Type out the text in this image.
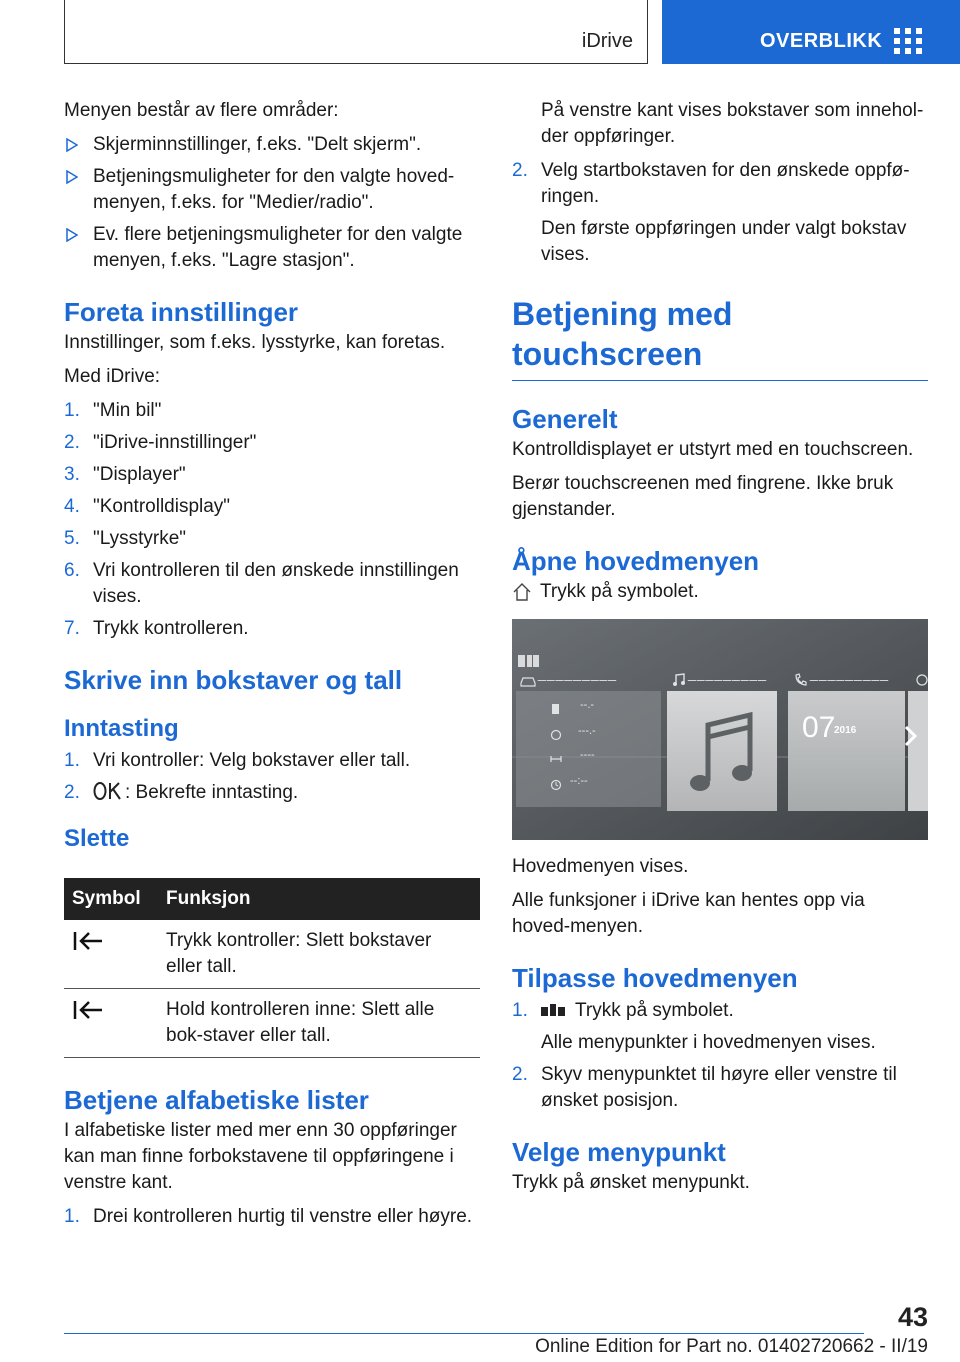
iDrive	OVERBLIKK

Menyen består av flere områder:

Skjerminnstillinger, f.eks. "Delt skjerm".
Betjeningsmuligheter for den valgte hoved-menyen, f.eks. for "Medier/radio".
Ev. flere betjeningsmuligheter for den valgte menyen, f.eks. "Lagre stasjon".
Foreta innstillinger

Innstillinger, som f.eks. lysstyrke, kan foretas.

Med iDrive:

1. "Min bil"
2. "iDrive-innstillinger"
3. "Displayer"
4. "Kontrolldisplay"
5. "Lysstyrke"
6. Vri kontrolleren til den ønskede innstillingen vises.
7. Trykk kontrolleren.
Skrive inn bokstaver og tall
Inntasting
1. Vri kontroller: Velg bokstaver eller tall.
2. : Bekrefte inntasting.
Slette
Symbol	Funksjon
	Trykk kontroller: Slett bokstaver eller tall.
	Hold kontrolleren inne: Slett alle bok-staver eller tall.
Betjene alfabetiske lister

I alfabetiske lister med mer enn 30 oppføringer kan man finne forbokstavene til oppføringene i venstre kant.

1. Drei kontrolleren hurtig til venstre eller høyre.

På venstre kant vises bokstaver som innehol-der oppføringer.

2. Velg startbokstaven for den ønskede oppfø-ringen.
Den første oppføringen under valgt bokstav vises.
Betjening med touchscreen
Generelt

Kontrolldisplayet er utstyrt med en touchscreen.

Berør touchscreenen med fingrene. Ikke bruk gjenstander.

Åpne hovedmenyen

Trykk på symbolet.

_________	_________	_________
--.-
---.-
----
--:--
07
2016

Hovedmenyen vises.

Alle funksjoner i iDrive kan hentes opp via hoved-menyen.

Tilpasse hovedmenyen
1. Trykk på symbolet.
Alle menypunkter i hovedmenyen vises.
2. Skyv menypunktet til høyre eller venstre til ønsket posisjon.
Velge menypunkt

Trykk på ønsket menypunkt.

43
Online Edition for Part no. 01402720662 - II/19
